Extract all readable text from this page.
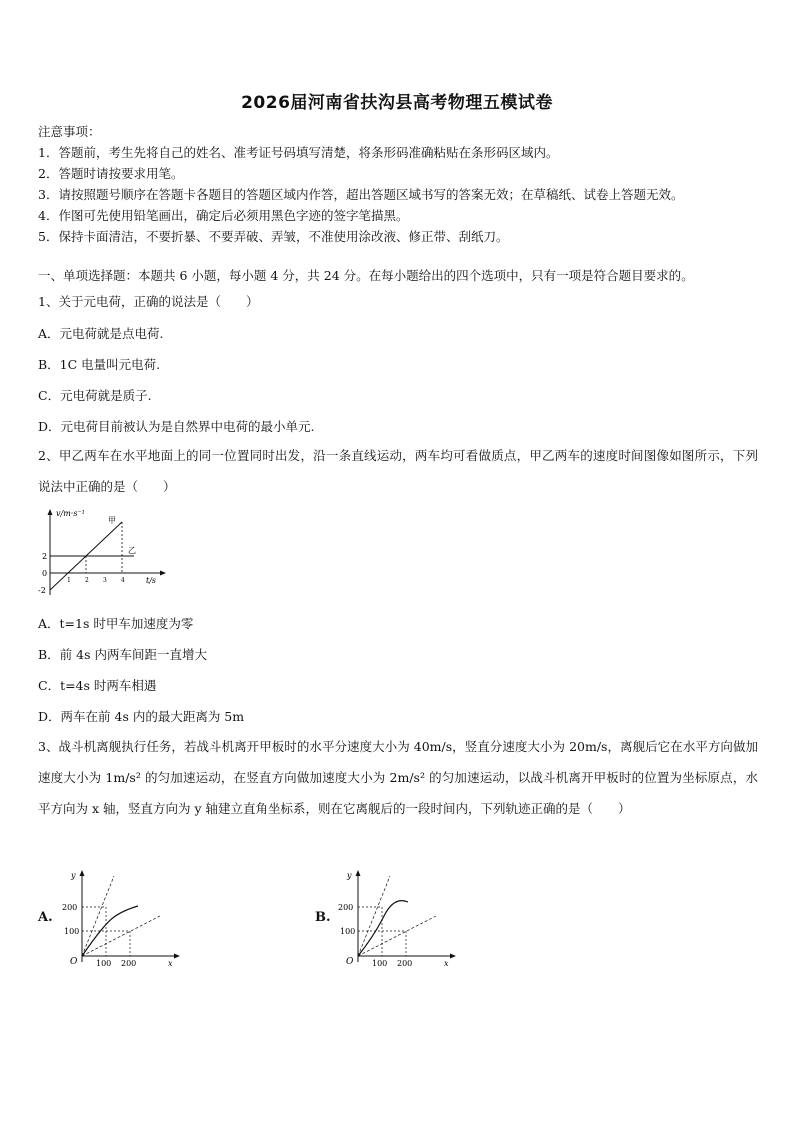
2026届河南省扶沟县高考物理五模试卷
注意事项：
1．答题前，考生先将自己的姓名、准考证号码填写清楚，将条形码准确粘贴在条形码区域内。
2．答题时请按要求用笔。
3．请按照题号顺序在答题卡各题目的答题区域内作答，超出答题区域书写的答案无效；在草稿纸、试卷上答题无效。
4．作图可先使用铅笔画出，确定后必须用黑色字迹的签字笔描黑。
5．保持卡面清洁，不要折暴、不要弄破、弄皱，不准使用涂改液、修正带、刮纸刀。
一、单项选择题：本题共 6 小题，每小题 4 分，共 24 分。在每小题给出的四个选项中，只有一项是符合题目要求的。
1、关于元电荷，正确的说法是（　　）
A．元电荷就是点电荷.
B．1C 电量叫元电荷.
C．元电荷就是质子.
D．元电荷目前被认为是自然界中电荷的最小单元.
2、甲乙两车在水平地面上的同一位置同时出发，沿一条直线运动，两车均可看做质点，甲乙两车的速度时间图像如图所示，下列说法中正确的是（　　）
v/m·s⁻¹
t/s
0
2
-2
1 2 3 4
甲
乙
A．t=1s 时甲车加速度为零
B．前 4s 内两车间距一直增大
C．t=4s 时两车相遇
D．两车在前 4s 内的最大距离为 5m
3、战斗机离舰执行任务，若战斗机离开甲板时的水平分速度大小为 40m/s，竖直分速度大小为 20m/s，离舰后它在水平方向做加速度大小为 1m/s² 的匀加速运动，在竖直方向做加速度大小为 2m/s² 的匀加速运动，以战斗机离开甲板时的位置为坐标原点，水平方向为 x 轴，竖直方向为 y 轴建立直角坐标系，则在它离舰后的一段时间内，下列轨迹正确的是（　　）
A.
y
x
O
200
100
100 200
B.
y
x
O
200
100
100 200
